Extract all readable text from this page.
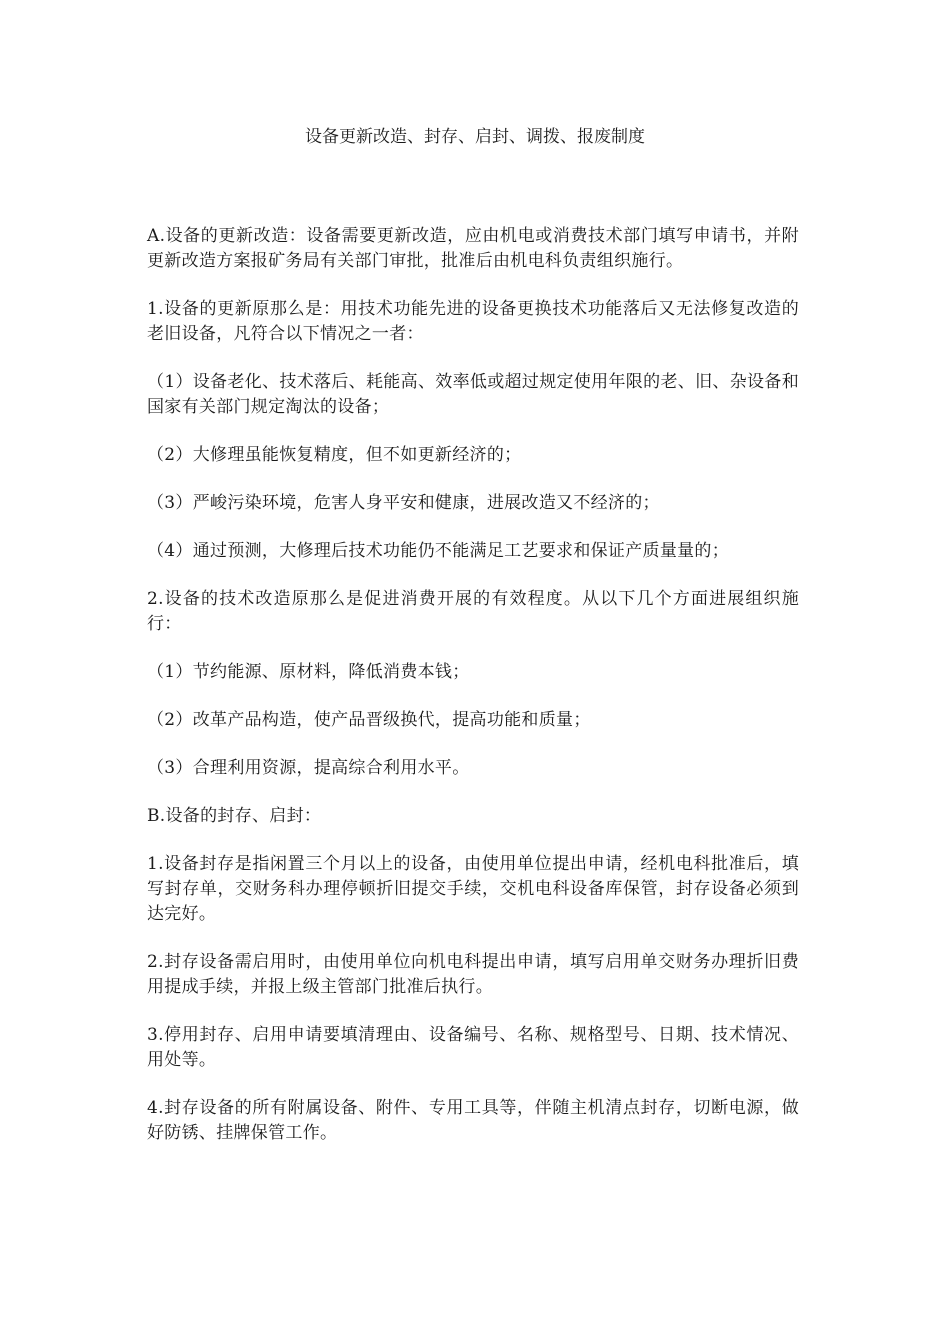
设备更新改造、封存、启封、调拨、报废制度

A.设备的更新改造：设备需要更新改造，应由机电或消费技术部门填写申请书，并附更新改造方案报矿务局有关部门审批，批准后由机电科负责组织施行。

1.设备的更新原那么是：用技术功能先进的设备更换技术功能落后又无法修复改造的老旧设备，凡符合以下情况之一者：

（1）设备老化、技术落后、耗能高、效率低或超过规定使用年限的老、旧、杂设备和国家有关部门规定淘汰的设备；

（2）大修理虽能恢复精度，但不如更新经济的；

（3）严峻污染环境，危害人身平安和健康，进展改造又不经济的；

（4）通过预测，大修理后技术功能仍不能满足工艺要求和保证产质量量的；

2.设备的技术改造原那么是促进消费开展的有效程度。从以下几个方面进展组织施行：

（1）节约能源、原材料，降低消费本钱；

（2）改革产品构造，使产品晋级换代，提高功能和质量；

（3）合理利用资源，提高综合利用水平。

B.设备的封存、启封：

1.设备封存是指闲置三个月以上的设备，由使用单位提出申请，经机电科批准后，填写封存单，交财务科办理停顿折旧提交手续，交机电科设备库保管，封存设备必须到达完好。

2.封存设备需启用时，由使用单位向机电科提出申请，填写启用单交财务办理折旧费用提成手续，并报上级主管部门批准后执行。

3.停用封存、启用申请要填清理由、设备编号、名称、规格型号、日期、技术情况、用处等。

4.封存设备的所有附属设备、附件、专用工具等，伴随主机清点封存，切断电源，做好防锈、挂牌保管工作。
